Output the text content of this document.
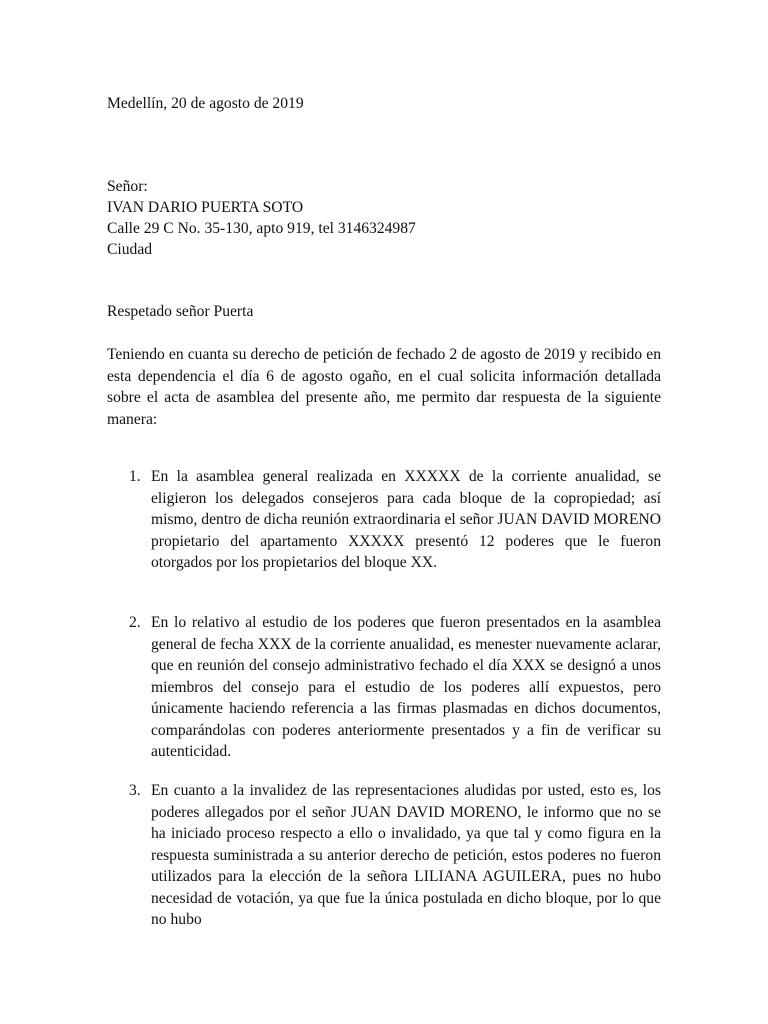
Medellín, 20 de agosto de 2019
Señor:
IVAN DARIO PUERTA SOTO
Calle 29 C No. 35-130, apto 919, tel 3146324987
Ciudad
Respetado señor Puerta

Teniendo en cuanta su derecho de petición de fechado 2 de agosto de 2019 y recibido en esta dependencia el día 6 de agosto ogaño, en el cual solicita información detallada sobre el acta de asamblea del presente año, me permito dar respuesta de la siguiente manera:

1. En la asamblea general realizada en XXXXX de la corriente anualidad, se eligieron los delegados consejeros para cada bloque de la copropiedad; así mismo, dentro de dicha reunión extraordinaria el señor JUAN DAVID MORENO propietario del apartamento XXXXX presentó 12 poderes que le fueron otorgados por los propietarios del bloque XX.
2. En lo relativo al estudio de los poderes que fueron presentados en la asamblea general de fecha XXX de la corriente anualidad, es menester nuevamente aclarar, que en reunión del consejo administrativo fechado el día XXX se designó a unos miembros del consejo para el estudio de los poderes allí expuestos, pero únicamente haciendo referencia a las firmas plasmadas en dichos documentos, comparándolas con poderes anteriormente presentados y a fin de verificar su autenticidad.
3. En cuanto a la invalidez de las representaciones aludidas por usted, esto es, los poderes allegados por el señor JUAN DAVID MORENO, le informo que no se ha iniciado proceso respecto a ello o invalidado, ya que tal y como figura en la respuesta suministrada a su anterior derecho de petición, estos poderes no fueron utilizados para la elección de la señora LILIANA AGUILERA, pues no hubo necesidad de votación, ya que fue la única postulada en dicho bloque, por lo que no hubo
